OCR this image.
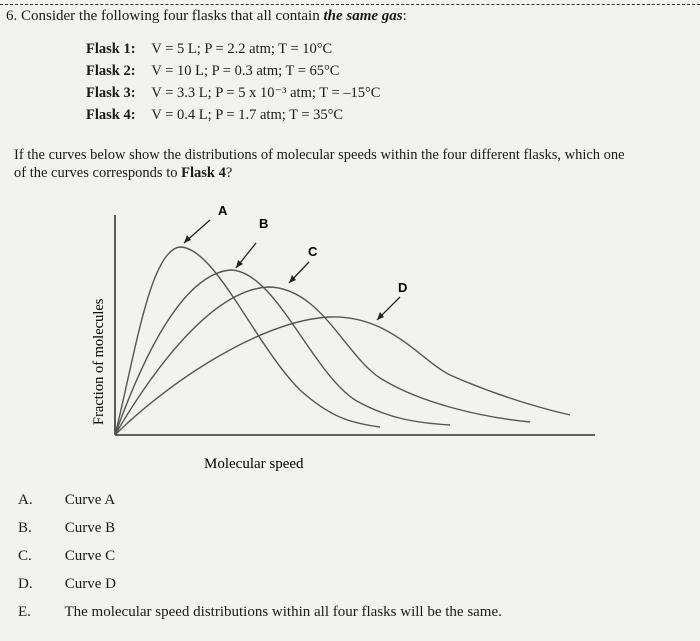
6. Consider the following four flasks that all contain the same gas:
Flask 1: V = 5 L; P = 2.2 atm; T = 10°C
Flask 2: V = 10 L; P = 0.3 atm; T = 65°C
Flask 3: V = 3.3 L; P = 5 x 10⁻³ atm; T = –15°C
Flask 4: V = 0.4 L; P = 1.7 atm; T = 35°C
If the curves below show the distributions of molecular speeds within the four different flasks, which one of the curves corresponds to Flask 4?
A
B
C
D
Fraction of molecules
Molecular speed
A. Curve A
B. Curve B
C. Curve C
D. Curve D
E. The molecular speed distributions within all four flasks will be the same.
